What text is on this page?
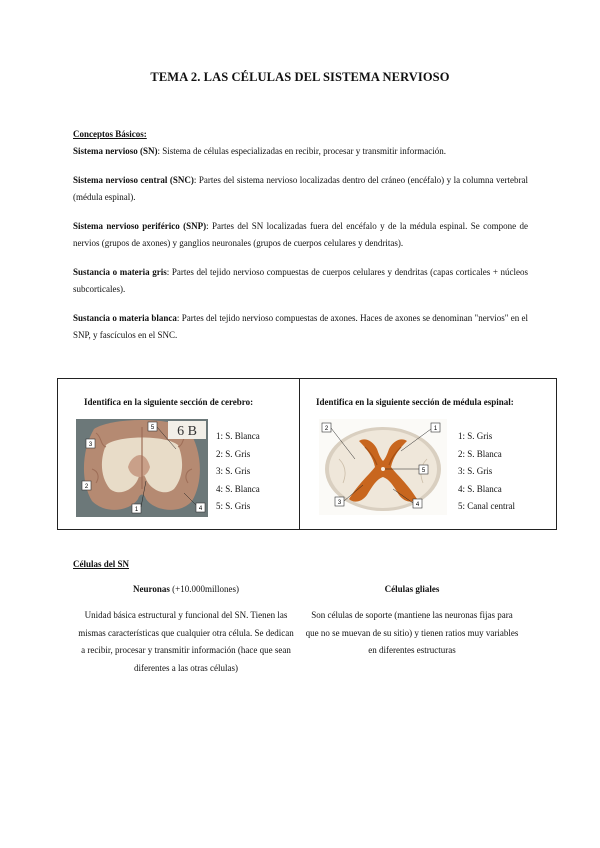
TEMA 2. LAS CÉLULAS DEL SISTEMA NERVIOSO
Conceptos Básicos:

Sistema nervioso (SN): Sistema de células especializadas en recibir, procesar y transmitir información.

Sistema nervioso central (SNC): Partes del sistema nervioso localizadas dentro del cráneo (encéfalo) y la columna vertebral (médula espinal).

Sistema nervioso periférico (SNP): Partes del SN localizadas fuera del encéfalo y de la médula espinal. Se compone de nervios (grupos de axones) y ganglios neuronales (grupos de cuerpos celulares y dendritas).

Sustancia o materia gris: Partes del tejido nervioso compuestas de cuerpos celulares y dendritas (capas corticales + núcleos subcorticales).

Sustancia o materia blanca: Partes del tejido nervioso compuestas de axones. Haces de axones se denominan "nervios" en el SNP, y fascículos en el SNC.

Identifica en la siguiente sección de cerebro:
6 B
3
5
1	4
2
1: S. Blanca
2: S. Gris
3: S. Gris
4: S. Blanca
5: S. Gris
Identifica en la siguiente sección de médula espinal:
2	1
5
3	4
1: S. Gris
2: S. Blanca
3: S. Gris
4: S. Blanca
5: Canal central
Células del SN
Neuronas (+10.000millones)
Unidad básica estructural y funcional del SN. Tienen las mismas características que cualquier otra célula. Se dedican a recibir, procesar y transmitir información (hace que sean diferentes a las otras células)
Células gliales
Son células de soporte (mantiene las neuronas fijas para que no se muevan de su sitio) y tienen ratios muy variables en diferentes estructuras
